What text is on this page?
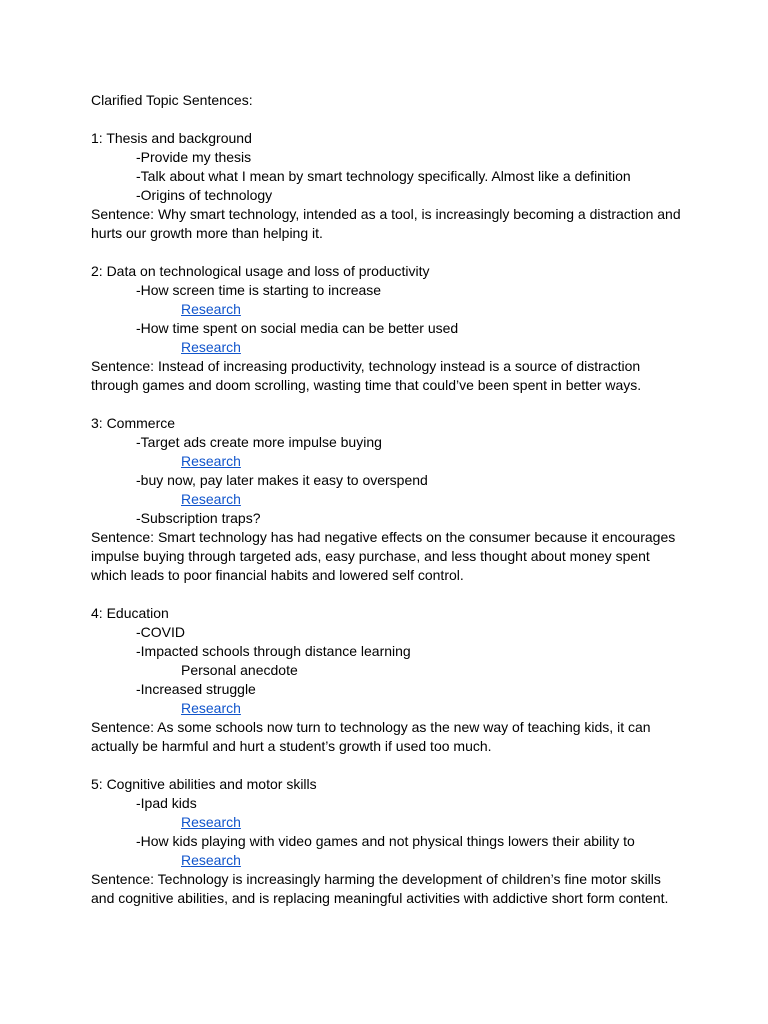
Clarified Topic Sentences:
1: Thesis and background
-Provide my thesis
-Talk about what I mean by smart technology specifically. Almost like a definition
-Origins of technology

Sentence: Why smart technology, intended as a tool, is increasingly becoming a distraction and hurts our growth more than helping it.

2: Data on technological usage and loss of productivity
-How screen time is starting to increase
Research
-How time spent on social media can be better used
Research

Sentence: Instead of increasing productivity, technology instead is a source of distraction through games and doom scrolling, wasting time that could’ve been spent in better ways.

3: Commerce
-Target ads create more impulse buying
Research
-buy now, pay later makes it easy to overspend
Research
-Subscription traps?

Sentence: Smart technology has had negative effects on the consumer because it encourages impulse buying through targeted ads, easy purchase, and less thought about money spent which leads to poor financial habits and lowered self control.

4: Education
-COVID
-Impacted schools through distance learning
Personal anecdote
-Increased struggle
Research

Sentence: As some schools now turn to technology as the new way of teaching kids, it can actually be harmful and hurt a student’s growth if used too much.

5: Cognitive abilities and motor skills
-Ipad kids
Research
-How kids playing with video games and not physical things lowers their ability to
Research

Sentence: Technology is increasingly harming the development of children’s fine motor skills and cognitive abilities, and is replacing meaningful activities with addictive short form content.
